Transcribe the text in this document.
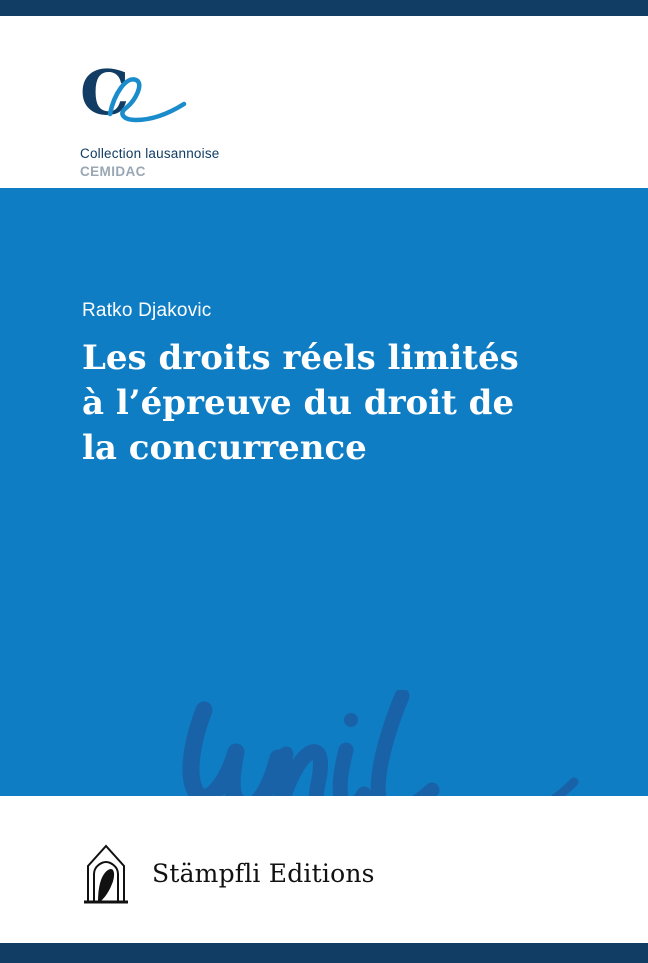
C
Collection lausannoise
CEMIDAC
Ratko Djakovic
Les droits réels limités
à l’épreuve du droit de
la concurrence
Stämpfli Editions
